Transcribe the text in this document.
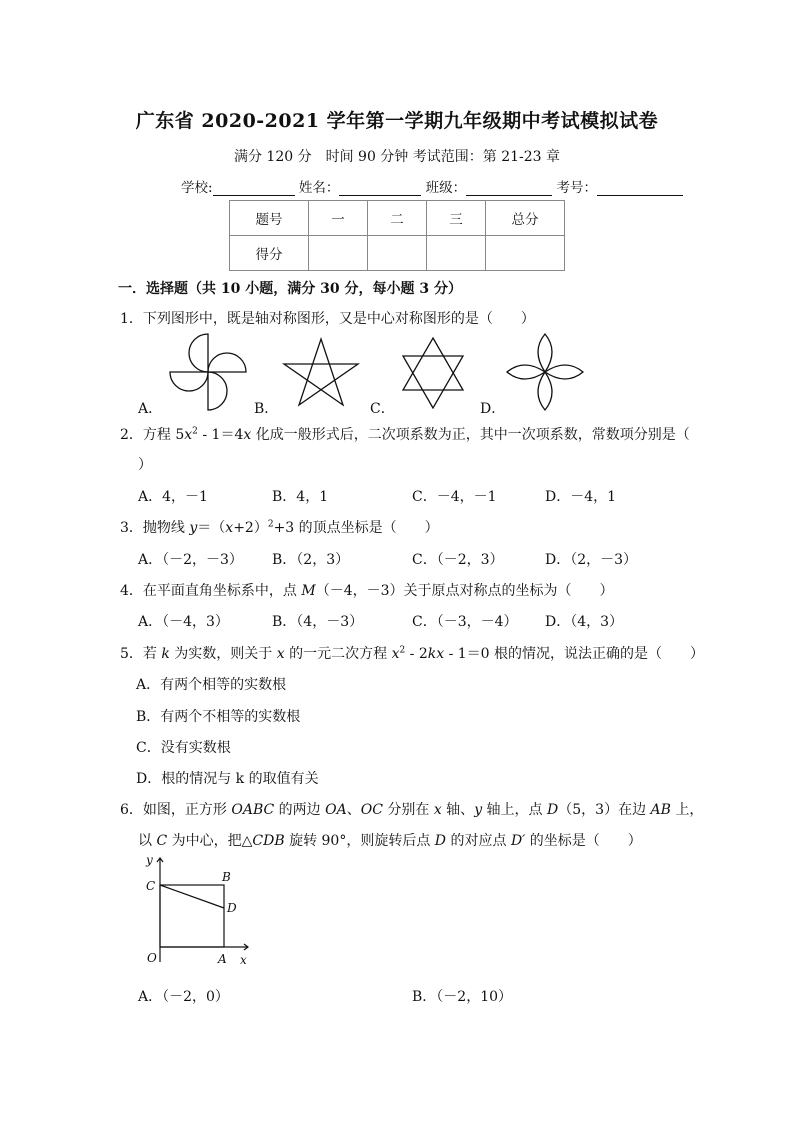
广东省 2020-2021 学年第一学期九年级期中考试模拟试卷
满分 120 分　时间 90 分钟 考试范围：第 21-23 章
学校:	姓名：	班级：	考号：
题号	一	二	三	总分
得分				
一．选择题（共 10 小题，满分 30 分，每小题 3 分）
1．下列图形中，既是轴对称图形，又是中心对称图形的是（　　）
A．	B．	C．	D．
2．方程 $5x^2 - 1=4x$ 化成一般形式后，二次项系数为正，其中一次项系数，常数项分别是（
）
A．4，－1	B．4，1	C．－4，－1	D．－4，1
3．抛物线 $y=(x+2)^2+3$ 的顶点坐标是（　　）
A．（－2，－3） B．（2，3）	C．（－2，3）	D．（2，－3）
4．在平面直角坐标系中，点 M（－4，－3）关于原点对称点的坐标为（　　）
A．（－4，3）	B．（4，－3）	C．（－3，－4） D．（4，3）
5．若 k 为实数，则关于 x 的一元二次方程 $x^2 - 2kx - 1=0$ 根的情况，说法正确的是（　　）
A．有两个相等的实数根
B．有两个不相等的实数根
C．没有实数根
D．根的情况与 k 的取值有关
6．如图，正方形 OABC 的两边 OA、OC 分别在 x 轴、y 轴上，点 D（5，3）在边 AB 上，
以 C 为中心，把△CDB 旋转 90°，则旋转后点 D 的对应点 D′ 的坐标是（　　）
y
x
O	A
B
C
D
A．（－2，0）	B．（－2，10）
